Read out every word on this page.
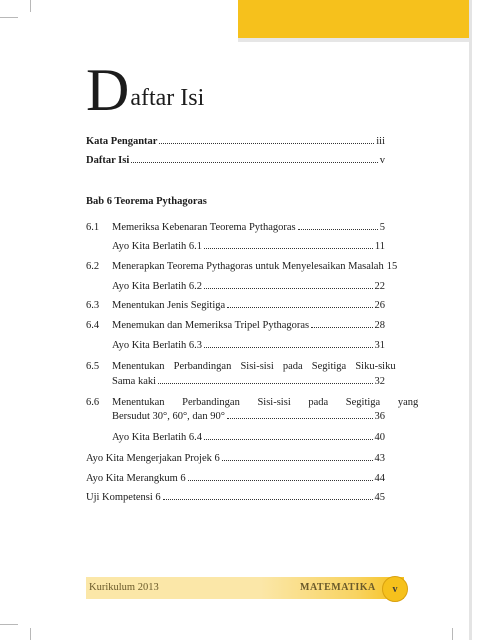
Daftar Isi
Kata Pengantar	iii
Daftar Isi	v
Bab 6 Teorema Pythagoras
6.1	Memeriksa Kebenaran Teorema Pythagoras	5
Ayo Kita Berlatih 6.1	11
6.2	Menerapkan Teorema Pythagoras untuk Menyelesaikan Masalah 15
Ayo Kita Berlatih 6.2	22
6.3	Menentukan Jenis Segitiga	26
6.4	Menemukan dan Memeriksa Tripel Pythagoras	28
Ayo Kita Berlatih 6.3	31
6.5	Menentukan Perbandingan Sisi-sisi pada Segitiga Siku-siku
Sama kaki	32
6.6	Menentukan Perbandingan Sisi-sisi pada Segitiga yang
Bersudut 30°, 60°, dan 90°	36
Ayo Kita Berlatih 6.4	40
Ayo Kita Mengerjakan Projek 6	43
Ayo Kita Merangkum 6	44
Uji Kompetensi 6	45
Kurikulum 2013	MATEMATIKA v
